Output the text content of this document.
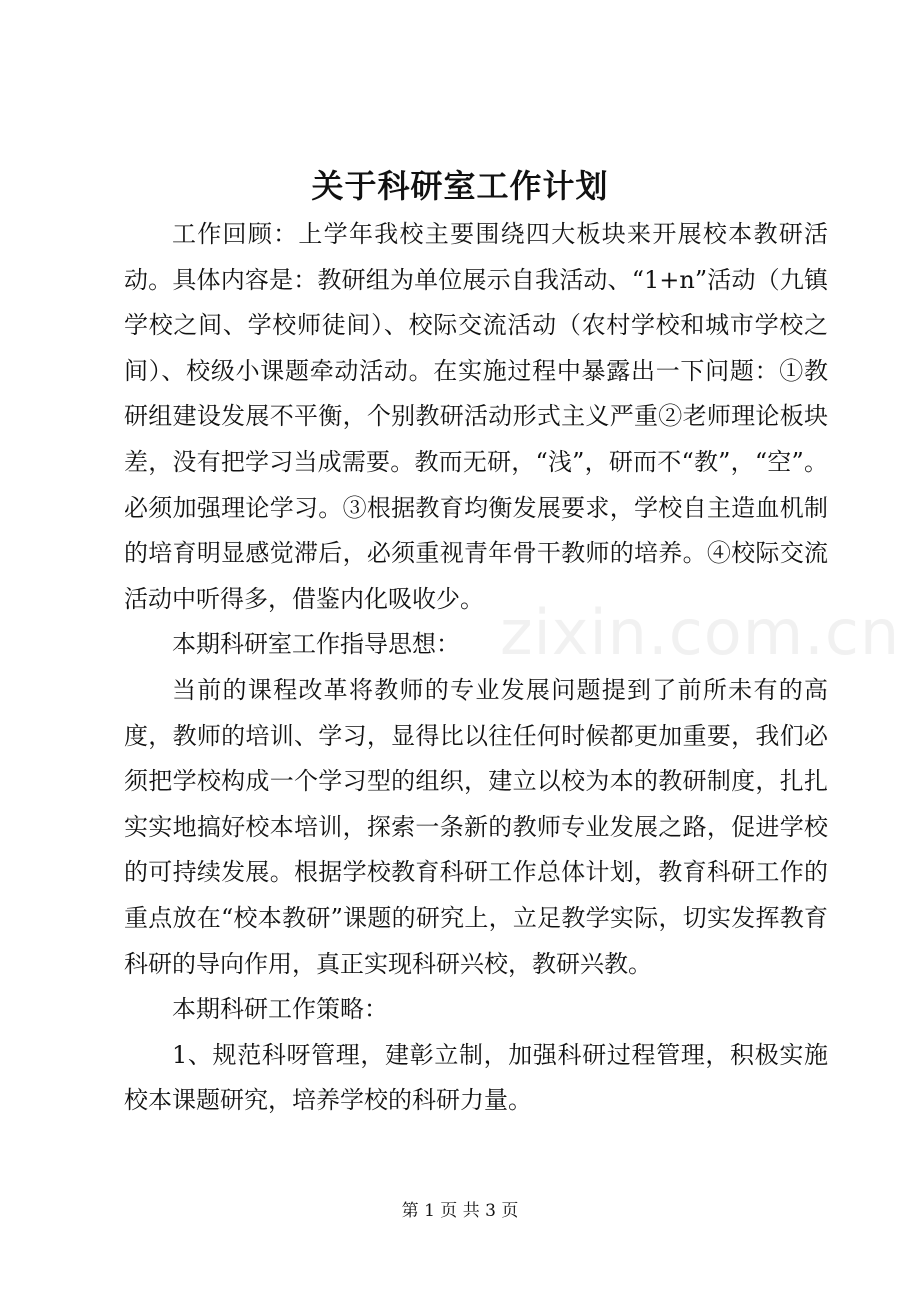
关于科研室工作计划

工作回顾：上学年我校主要围绕四大板块来开展校本教研活动。具体内容是：教研组为单位展示自我活动、“1+n”活动（九镇学校之间、学校师徒间）、校际交流活动（农村学校和城市学校之间）、校级小课题牵动活动。在实施过程中暴露出一下问题：①教研组建设发展不平衡，个别教研活动形式主义严重②老师理论板块差，没有把学习当成需要。教而无研，“浅”，研而不“教”，“空”。必须加强理论学习。③根据教育均衡发展要求，学校自主造血机制的培育明显感觉滞后，必须重视青年骨干教师的培养。④校际交流活动中听得多，借鉴内化吸收少。

本期科研室工作指导思想：

当前的课程改革将教师的专业发展问题提到了前所未有的高度，教师的培训、学习，显得比以往任何时候都更加重要，我们必须把学校构成一个学习型的组织，建立以校为本的教研制度，扎扎实实地搞好校本培训，探索一条新的教师专业发展之路，促进学校的可持续发展。根据学校教育科研工作总体计划，教育科研工作的重点放在“校本教研”课题的研究上，立足教学实际，切实发挥教育科研的导向作用，真正实现科研兴校，教研兴教。

本期科研工作策略：

1、规范科呀管理，建彰立制，加强科研过程管理，积极实施校本课题研究，培养学校的科研力量。

zixin.com.cn
第 1 页 共 3 页
